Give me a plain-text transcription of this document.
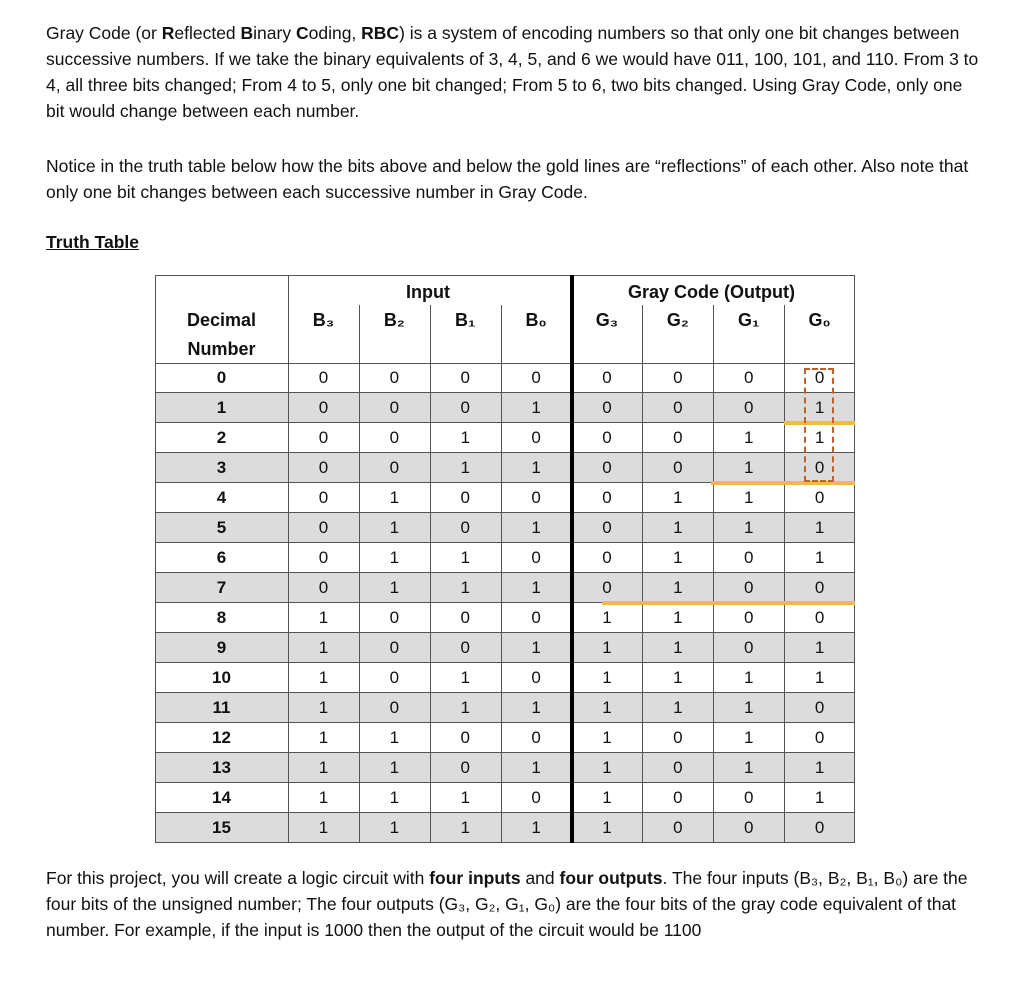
Gray Code (or Reflected Binary Coding, RBC) is a system of encoding numbers so that only one bit changes between successive numbers. If we take the binary equivalents of 3, 4, 5, and 6 we would have 011, 100, 101, and 110. From 3 to 4, all three bits changed; From 4 to 5, only one bit changed; From 5 to 6, two bits changed. Using Gray Code, only one bit would change between each number.

Notice in the truth table below how the bits above and below the gold lines are “reflections” of each other. Also note that only one bit changes between each successive number in Gray Code.

Truth Table

Input	Gray Code (Output)
Decimal
Number
B₃	B₂	B₁	B₀	G₃	G₂	G₁	G₀
0	0	0	0	0	0	0	0	0
1	0	0	0	1	0	0	0	1
2	0	0	1	0	0	0	1	1
3	0	0	1	1	0	0	1	0
4	0	1	0	0	0	1	1	0
5	0	1	0	1	0	1	1	1
6	0	1	1	0	0	1	0	1
7	0	1	1	1	0	1	0	0
8	1	0	0	0	1	1	0	0
9	1	0	0	1	1	1	0	1
10	1	0	1	0	1	1	1	1
11	1	0	1	1	1	1	1	0
12	1	1	0	0	1	0	1	0
13	1	1	0	1	1	0	1	1
14	1	1	1	0	1	0	0	1
15	1	1	1	1	1	0	0	0

For this project, you will create a logic circuit with four inputs and four outputs. The four inputs (B₃, B₂, B₁, B₀) are the four bits of the unsigned number; The four outputs (G₃, G₂, G₁, G₀) are the four bits of the gray code equivalent of that number. For example, if the input is 1000 then the output of the circuit would be 1100
